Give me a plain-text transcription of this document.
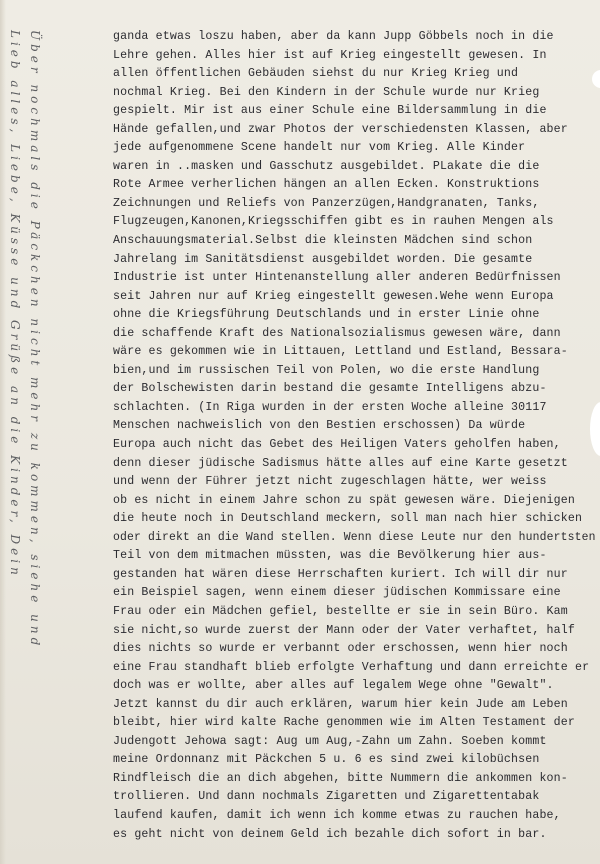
Über nochmals die Päckchen nicht mehr zu kommen, siehe und
Lieb alles, Liebe, Küsse und Grüße an die Kinder, Dein	ganda etwas loszu haben, aber da kann Jupp Göbbels noch in die
Lehre gehen. Alles hier ist auf Krieg eingestellt gewesen. In
allen öffentlichen Gebäuden siehst du nur Krieg Krieg und
nochmal Krieg. Bei den Kindern in der Schule wurde nur Krieg
gespielt. Mir ist aus einer Schule eine Bildersammlung in die
Hände gefallen,und zwar Photos der verschiedensten Klassen, aber
jede aufgenommene Scene handelt nur vom Krieg. Alle Kinder
waren in ..masken und Gasschutz ausgebildet. PLakate die die
Rote Armee verherlichen hängen an allen Ecken. Konstruktions
Zeichnungen und Reliefs von Panzerzügen,Handgranaten, Tanks,
Flugzeugen,Kanonen,Kriegsschiffen gibt es in rauhen Mengen als
Anschauungsmaterial.Selbst die kleinsten Mädchen sind schon
Jahrelang im Sanitätsdienst ausgebildet worden. Die gesamte
Industrie ist unter Hintenanstellung aller anderen Bedürfnissen
seit Jahren nur auf Krieg eingestellt gewesen.Wehe wenn Europa
ohne die Kriegsführung Deutschlands und in erster Linie ohne
die schaffende Kraft des Nationalsozialismus gewesen wäre, dann
wäre es gekommen wie in Littauen, Lettland und Estland, Bessara-
bien,und im russischen Teil von Polen, wo die erste Handlung
der Bolschewisten darin bestand die gesamte Intelligens abzu-
schlachten. (In Riga wurden in der ersten Woche alleine 30117
Menschen nachweislich von den Bestien erschossen) Da würde
Europa auch nicht das Gebet des Heiligen Vaters geholfen haben,
denn dieser jüdische Sadismus hätte alles auf eine Karte gesetzt
und wenn der Führer jetzt nicht zugeschlagen hätte, wer weiss
ob es nicht in einem Jahre schon zu spät gewesen wäre. Diejenigen
die heute noch in Deutschland meckern, soll man nach hier schicken
oder direkt an die Wand stellen. Wenn diese Leute nur den hundertsten
Teil von dem mitmachen müssten, was die Bevölkerung hier aus-
gestanden hat wären diese Herrschaften kuriert. Ich will dir nur
ein Beispiel sagen, wenn einem dieser jüdischen Kommissare eine
Frau oder ein Mädchen gefiel, bestellte er sie in sein Büro. Kam
sie nicht,so wurde zuerst der Mann oder der Vater verhaftet, half
dies nichts so wurde er verbannt oder erschossen, wenn hier noch
eine Frau standhaft blieb erfolgte Verhaftung und dann erreichte er
doch was er wollte, aber alles auf legalem Wege ohne "Gewalt".
Jetzt kannst du dir auch erklären, warum hier kein Jude am Leben
bleibt, hier wird kalte Rache genommen wie im Alten Testament der
Judengott Jehowa sagt: Aug um Aug,-Zahn um Zahn. Soeben kommt
meine Ordonnanz mit Päckchen 5 u. 6 es sind zwei kilobüchsen
Rindfleisch die an dich abgehen, bitte Nummern die ankommen kon-
trollieren. Und dann nochmals Zigaretten und Zigarettentabak
laufend kaufen, damit ich wenn ich komme etwas zu rauchen habe,
es geht nicht von deinem Geld ich bezahle dich sofort in bar.
